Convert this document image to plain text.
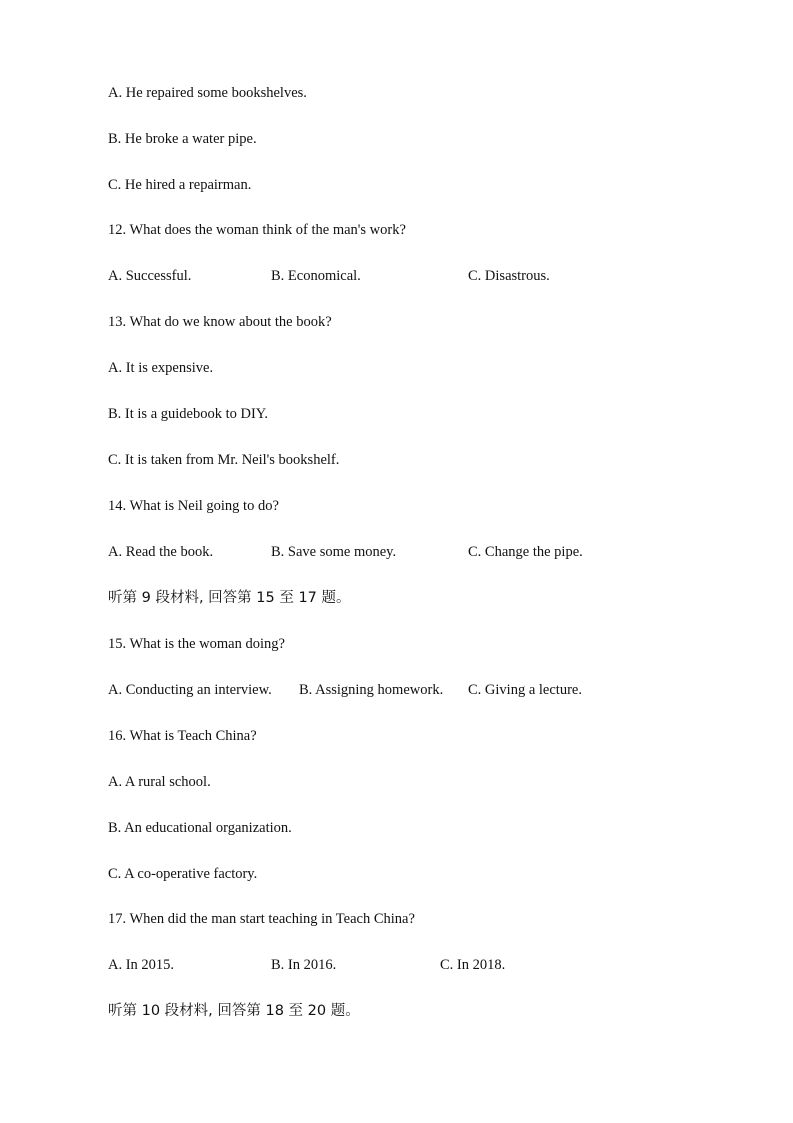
A. He repaired some bookshelves.
B. He broke a water pipe.
C. He hired a repairman.
12. What does the woman think of the man's work?
A. Successful.	B. Economical.	C. Disastrous.
13. What do we know about the book?
A. It is expensive.
B. It is a guidebook to DIY.
C. It is taken from Mr. Neil's bookshelf.
14. What is Neil going to do?
A. Read the book.	B. Save some money.	C. Change the pipe.
听第 9 段材料, 回答第 15 至 17 题。
15. What is the woman doing?
A. Conducting an interview. B. Assigning homework. C. Giving a lecture.
16. What is Teach China?
A. A rural school.
B. An educational organization.
C. A co-operative factory.
17. When did the man start teaching in Teach China?
A. In 2015.	B. In 2016.	C. In 2018.
听第 10 段材料, 回答第 18 至 20 题。
